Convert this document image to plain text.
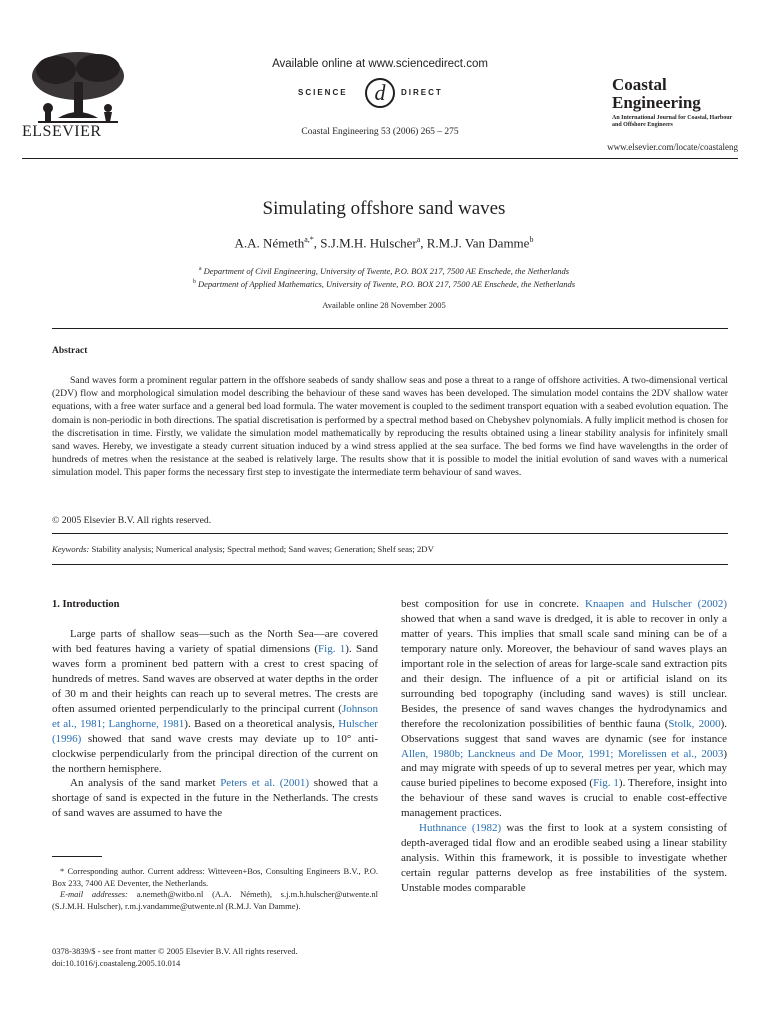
ELSEVIER
Available online at www.sciencedirect.com
d
SCIENCE	DIRECT
Coastal Engineering 53 (2006) 265 – 275
Coastal
Engineering
An International Journal for Coastal, Harbour and Offshore Engineers
www.elsevier.com/locate/coastaleng
Simulating offshore sand waves
A.A. Németh$^{a,*}$, S.J.M.H. Hulscher$^a$, R.M.J. Van Damme$^b$
$^a$ Department of Civil Engineering, University of Twente, P.O. BOX 217, 7500 AE Enschede, the Netherlands
$^b$ Department of Applied Mathematics, University of Twente, P.O. BOX 217, 7500 AE Enschede, the Netherlands
Available online 28 November 2005
Abstract
Sand waves form a prominent regular pattern in the offshore seabeds of sandy shallow seas and pose a threat to a range of offshore activities. A two-dimensional vertical (2DV) flow and morphological simulation model describing the behaviour of these sand waves has been developed. The simulation model contains the 2DV shallow water equations, with a free water surface and a general bed load formula. The water movement is coupled to the sediment transport equation with a seabed evolution equation. The domain is non-periodic in both directions. The spatial discretisation is performed by a spectral method based on Chebyshev polynomials. A fully implicit method is chosen for the discretisation in time. Firstly, we validate the simulation model mathematically by reproducing the results obtained using a linear stability analysis for infinitely small sand waves. Hereby, we investigate a steady current situation induced by a wind stress applied at the sea surface. The bed forms we find have wavelengths in the order of hundreds of metres when the resistance at the seabed is relatively large. The results show that it is possible to model the initial evolution of sand waves with a numerical simulation model. This paper forms the necessary first step to investigate the intermediate term behaviour of sand waves.
© 2005 Elsevier B.V. All rights reserved.
Keywords: Stability analysis; Numerical analysis; Spectral method; Sand waves; Generation; Shelf seas; 2DV
1. Introduction

Large parts of shallow seas—such as the North Sea—are covered with bed features having a variety of spatial dimensions (Fig. 1). Sand waves form a prominent bed pattern with a crest to crest spacing of hundreds of metres. Sand waves are observed at water depths in the order of 30 m and their heights can reach up to several metres. The crests are often assumed oriented perpendicularly to the principal current (Johnson et al., 1981; Langhorne, 1981). Based on a theoretical analysis, Hulscher (1996) showed that sand wave crests may deviate up to 10° anti-clockwise perpendicularly from the principal direction of the current on the northern hemisphere.

An analysis of the sand market Peters et al. (2001) showed that a shortage of sand is expected in the future in the Netherlands. The crests of sand waves are assumed to have the

* Corresponding author. Current address: Witteveen+Bos, Consulting Engineers B.V., P.O. Box 233, 7400 AE Deventer, the Netherlands.
E-mail addresses: a.nemeth@witbo.nl (A.A. Németh), s.j.m.h.hulscher@utwente.nl (S.J.M.H. Hulscher), r.m.j.vandamme@utwente.nl (R.M.J. Van Damme).
0378-3839/$ - see front matter © 2005 Elsevier B.V. All rights reserved.
doi:10.1016/j.coastaleng.2005.10.014

best composition for use in concrete. Knaapen and Hulscher (2002) showed that when a sand wave is dredged, it is able to recover in only a matter of years. This implies that small scale sand mining can be of a temporary nature only. Moreover, the behaviour of sand waves plays an important role in the selection of areas for large-scale sand extraction pits and their design. The influence of a pit or artificial island on its surrounding bed topography (including sand waves) is still unclear. Besides, the presence of sand waves changes the hydrodynamics and therefore the recolonization possibilities of benthic fauna (Stolk, 2000). Observations suggest that sand waves are dynamic (see for instance Allen, 1980b; Lanckneus and De Moor, 1991; Morelissen et al., 2003) and may migrate with speeds of up to several metres per year, which may cause buried pipelines to become exposed (Fig. 1). Therefore, insight into the behaviour of these sand waves is crucial to enable cost-effective management practices.

Huthnance (1982) was the first to look at a system consisting of depth-averaged tidal flow and an erodible seabed using a linear stability analysis. Within this framework, it is possible to investigate whether certain regular patterns develop as free instabilities of the system. Unstable modes comparable
